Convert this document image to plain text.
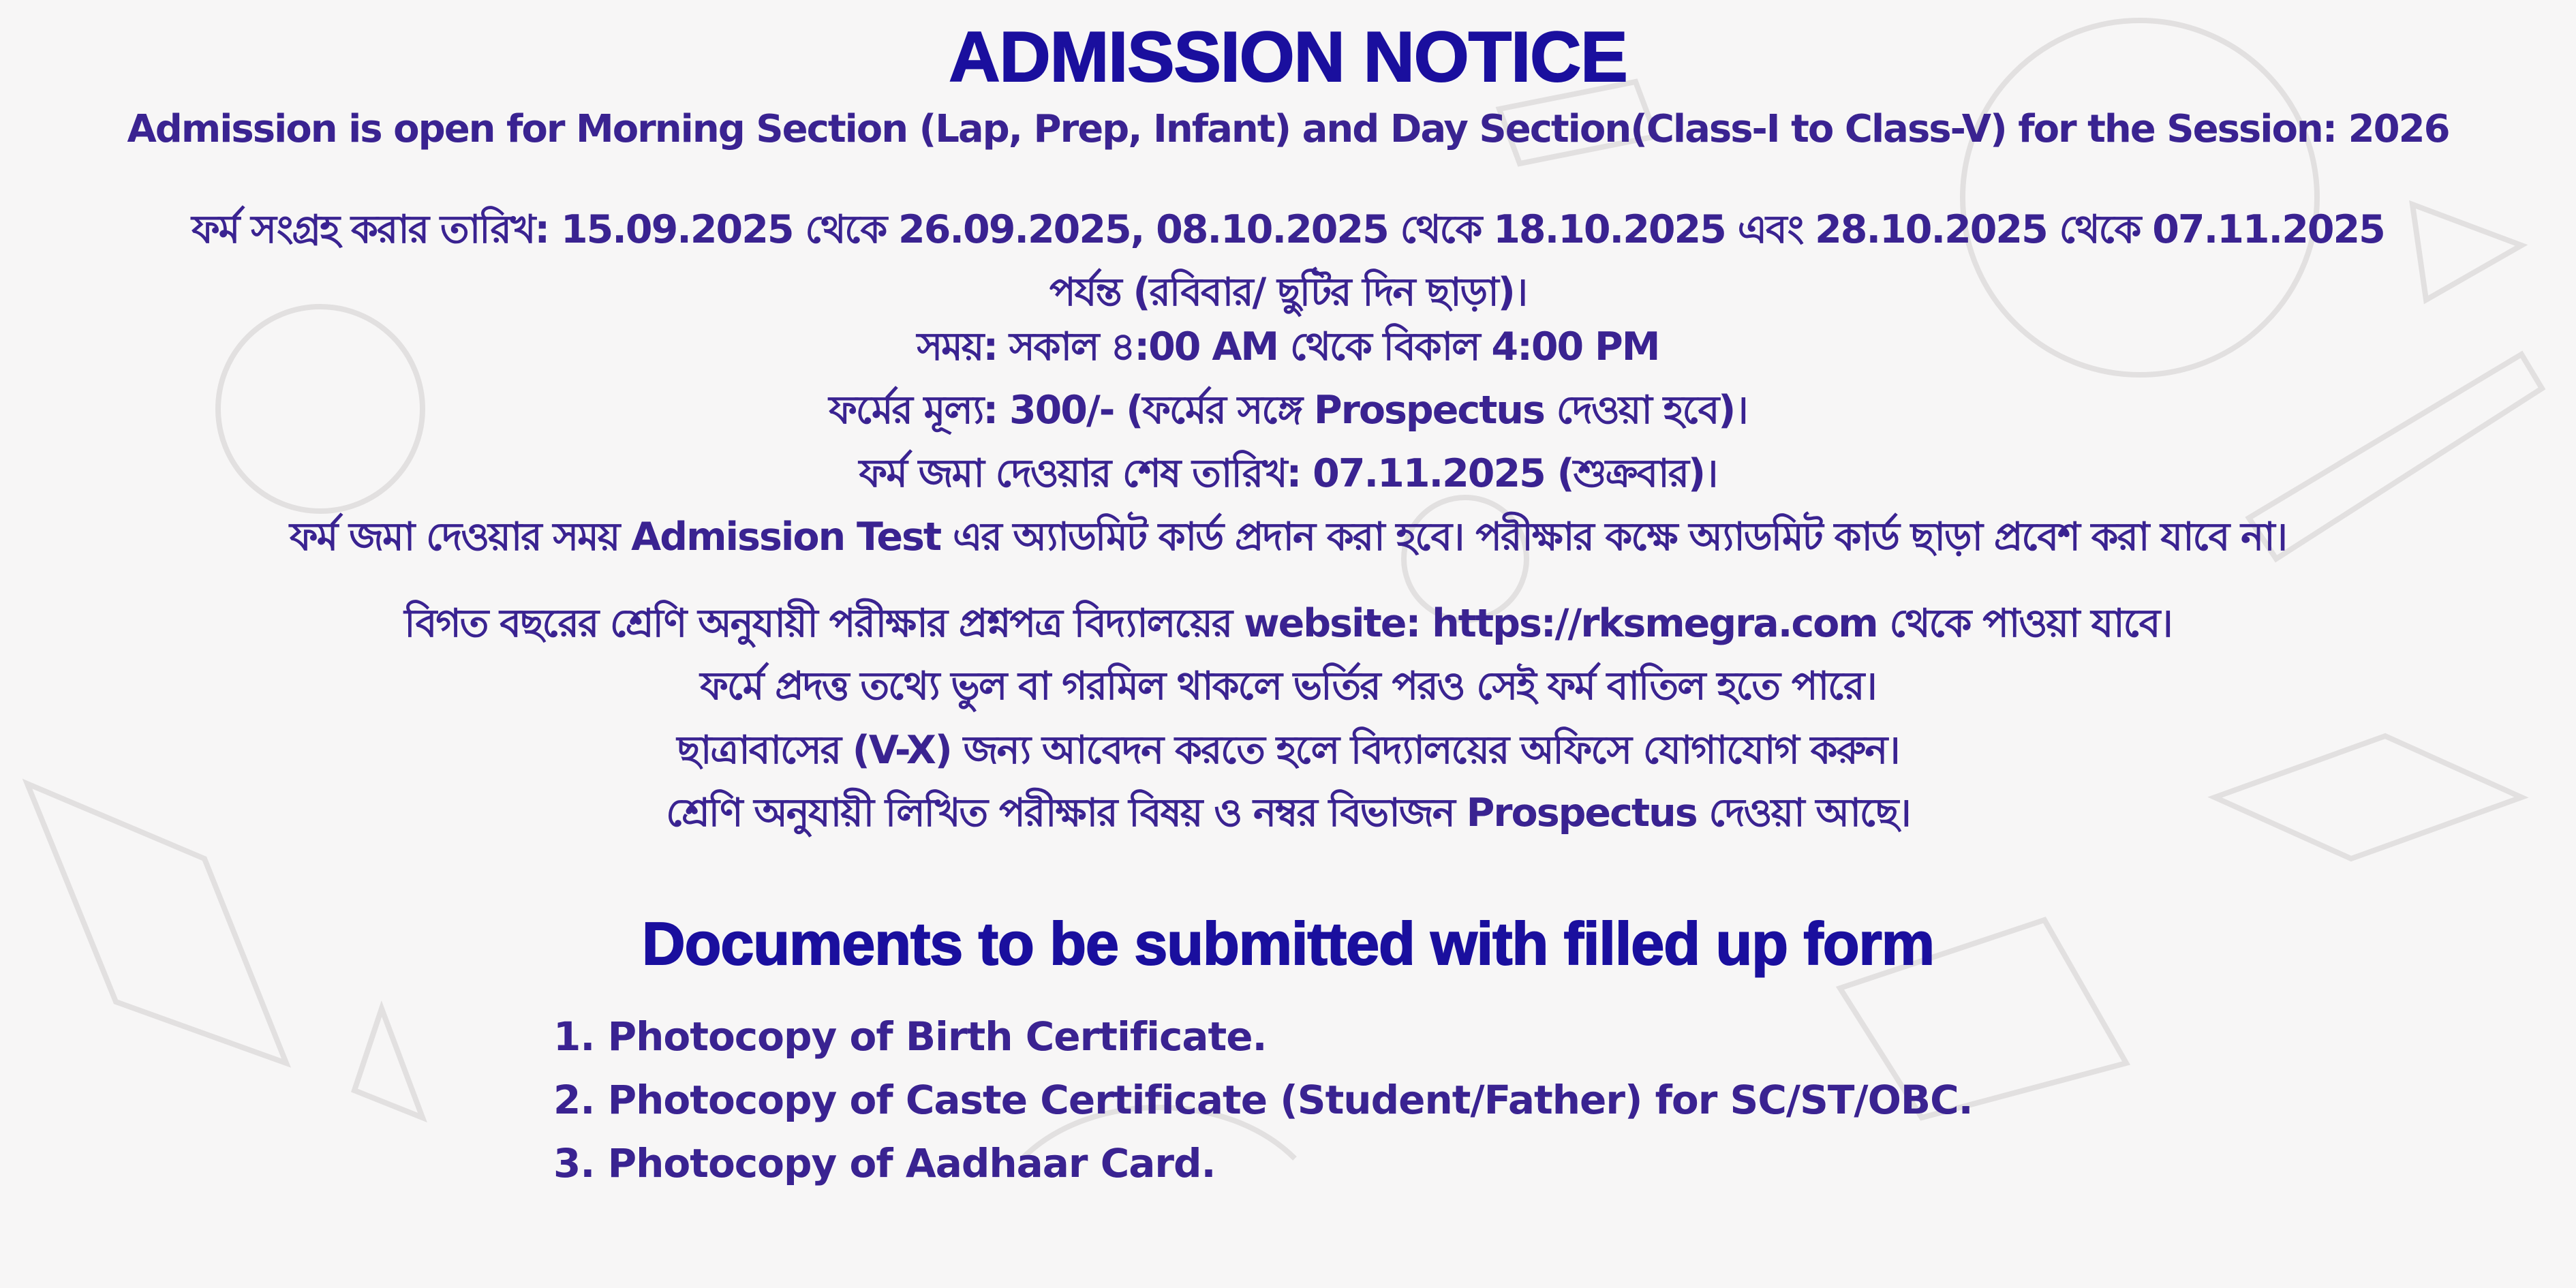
ADMISSION NOTICE
Admission is open for Morning Section (Lap, Prep, Infant) and Day Section(Class-I to Class-V) for the Session: 2026
ফর্ম সংগ্রহ করার তারিখ: 15.09.2025 থেকে 26.09.2025, 08.10.2025 থেকে 18.10.2025 এবং 28.10.2025 থেকে 07.11.2025
পর্যন্ত (রবিবার/ ছুটির দিন ছাড়া)।
সময়: সকাল ৪:00 AM থেকে বিকাল 4:00 PM
ফর্মের মূল্য: 300/- (ফর্মের সঙ্গে Prospectus দেওয়া হবে)।
ফর্ম জমা দেওয়ার শেষ তারিখ: 07.11.2025 (শুক্রবার)।
ফর্ম জমা দেওয়ার সময় Admission Test এর অ্যাডমিট কার্ড প্রদান করা হবে। পরীক্ষার কক্ষে অ্যাডমিট কার্ড ছাড়া প্রবেশ করা যাবে না।
বিগত বছরের শ্রেণি অনুযায়ী পরীক্ষার প্রশ্নপত্র বিদ্যালয়ের website: https://rksmegra.com থেকে পাওয়া যাবে।
ফর্মে প্রদত্ত তথ্যে ভুল বা গরমিল থাকলে ভর্তির পরও সেই ফর্ম বাতিল হতে পারে।
ছাত্রাবাসের (V-X) জন্য আবেদন করতে হলে বিদ্যালয়ের অফিসে যোগাযোগ করুন।
শ্রেণি অনুযায়ী লিখিত পরীক্ষার বিষয় ও নম্বর বিভাজন Prospectus দেওয়া আছে।
Documents to be submitted with filled up form
1. Photocopy of Birth Certificate.
2. Photocopy of Caste Certificate (Student/Father) for SC/ST/OBC.
3. Photocopy of Aadhaar Card.
